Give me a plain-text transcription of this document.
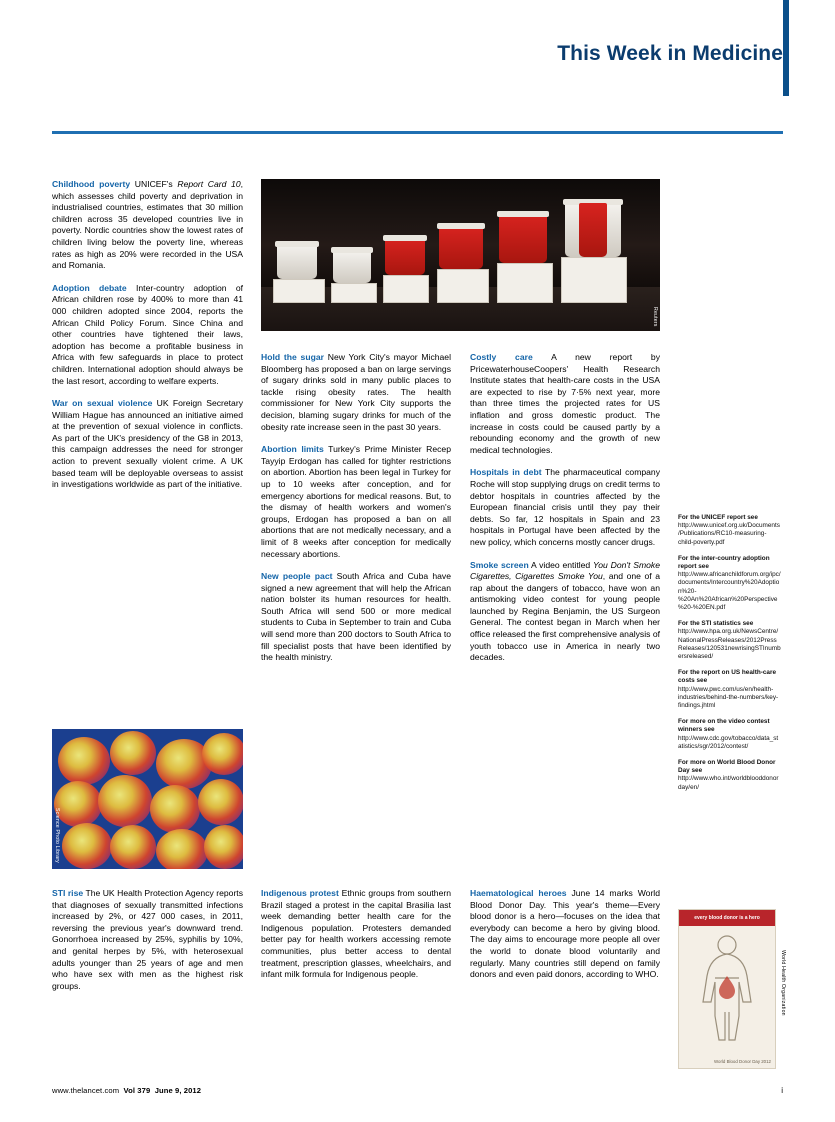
This Week in Medicine
Reuters
Science Photo Library
every blood donor is a hero
World Blood Donor Day 2012
World Health Organization

Childhood poverty UNICEF's Report Card 10, which assesses child poverty and deprivation in industrialised countries, estimates that 30 million children across 35 developed countries live in poverty. Nordic countries show the lowest rates of children living below the poverty line, whereas rates as high as 20% were recorded in the USA and Romania.

Adoption debate Inter-country adoption of African children rose by 400% to more than 41 000 children adopted since 2004, reports the African Child Policy Forum. Since China and other countries have tightened their laws, adoption has become a profitable business in Africa with few safeguards in place to protect children. International adoption should always be the last resort, according to welfare experts.

War on sexual violence UK Foreign Secretary William Hague has announced an initiative aimed at the prevention of sexual violence in conflicts. As part of the UK's presidency of the G8 in 2013, this campaign addresses the need for stronger action to prevent sexually violent crime. A UK based team will be deployable overseas to assist in investigations worldwide as part of the initiative.

STI rise The UK Health Protection Agency reports that diagnoses of sexually transmitted infections increased by 2%, or 427 000 cases, in 2011, reversing the previous year's downward trend. Gonorrhoea increased by 25%, syphilis by 10%, and genital herpes by 5%, with heterosexual adults younger than 25 years of age and men who have sex with men as the highest risk groups.

Hold the sugar New York City's mayor Michael Bloomberg has proposed a ban on large servings of sugary drinks sold in many public places to tackle rising obesity rates. The health commissioner for New York City supports the decision, blaming sugary drinks for much of the obesity rate increase seen in the past 30 years.

Abortion limits Turkey's Prime Minister Recep Tayyip Erdogan has called for tighter restrictions on abortion. Abortion has been legal in Turkey for up to 10 weeks after conception, and for emergency abortions for medical reasons. But, to the dismay of health workers and women's groups, Erdogan has proposed a ban on all abortions that are not medically necessary, and a limit of 8 weeks after conception for medically necessary abortions.

New people pact South Africa and Cuba have signed a new agreement that will help the African nation bolster its human resources for health. South Africa will send 500 or more medical students to Cuba in September to train and Cuba will send more than 200 doctors to South Africa to fill specialist posts that have been identified by the health ministry.

Indigenous protest Ethnic groups from southern Brazil staged a protest in the capital Brasilia last week demanding better health care for the Indigenous population. Protesters demanded better pay for health workers accessing remote communities, plus better access to dental treatment, prescription glasses, wheelchairs, and infant milk formula for Indigenous people.

Costly care A new report by PricewaterhouseCoopers' Health Research Institute states that health-care costs in the USA are expected to rise by 7·5% next year, more than three times the projected rates for US inflation and gross domestic product. The increase in costs could be caused partly by a rebounding economy and the growth of new medical technologies.

Hospitals in debt The pharmaceutical company Roche will stop supplying drugs on credit terms to debtor hospitals in countries affected by the European financial crisis until they pay their debts. So far, 12 hospitals in Spain and 23 hospitals in Portugal have been affected by the new policy, which concerns mostly cancer drugs.

Smoke screen A video entitled You Don't Smoke Cigarettes, Cigarettes Smoke You, and one of a rap about the dangers of tobacco, have won an antismoking video contest for young people launched by Regina Benjamin, the US Surgeon General. The contest began in March when her office released the first comprehensive analysis of youth tobacco use in America in nearly two decades.

Haematological heroes June 14 marks World Blood Donor Day. This year's theme—Every blood donor is a hero—focuses on the idea that everybody can become a hero by giving blood. The day aims to encourage more people all over the world to donate blood voluntarily and regularly. Many countries still depend on family donors and even paid donors, according to WHO.

For the UNICEF report see http://www.unicef.org.uk/Documents/Publications/RC10-measuring-child-poverty.pdf

For the inter-country adoption report see http://www.africanchildforum.org/ipc/documents/Intercountry%20Adoption%20-%20An%20African%20Perspective%20-%20EN.pdf

For the STI statistics see http://www.hpa.org.uk/NewsCentre/NationalPressReleases/2012PressReleases/120531newrisingSTInumbersreleased/

For the report on US health-care costs see http://www.pwc.com/us/en/health-industries/behind-the-numbers/key-findings.jhtml

For more on the video contest winners see http://www.cdc.gov/tobacco/data_statistics/sgr/2012/contest/

For more on World Blood Donor Day see http://www.who.int/worldblooddonorday/en/

www.thelancet.com Vol 379 June 9, 2012	i
